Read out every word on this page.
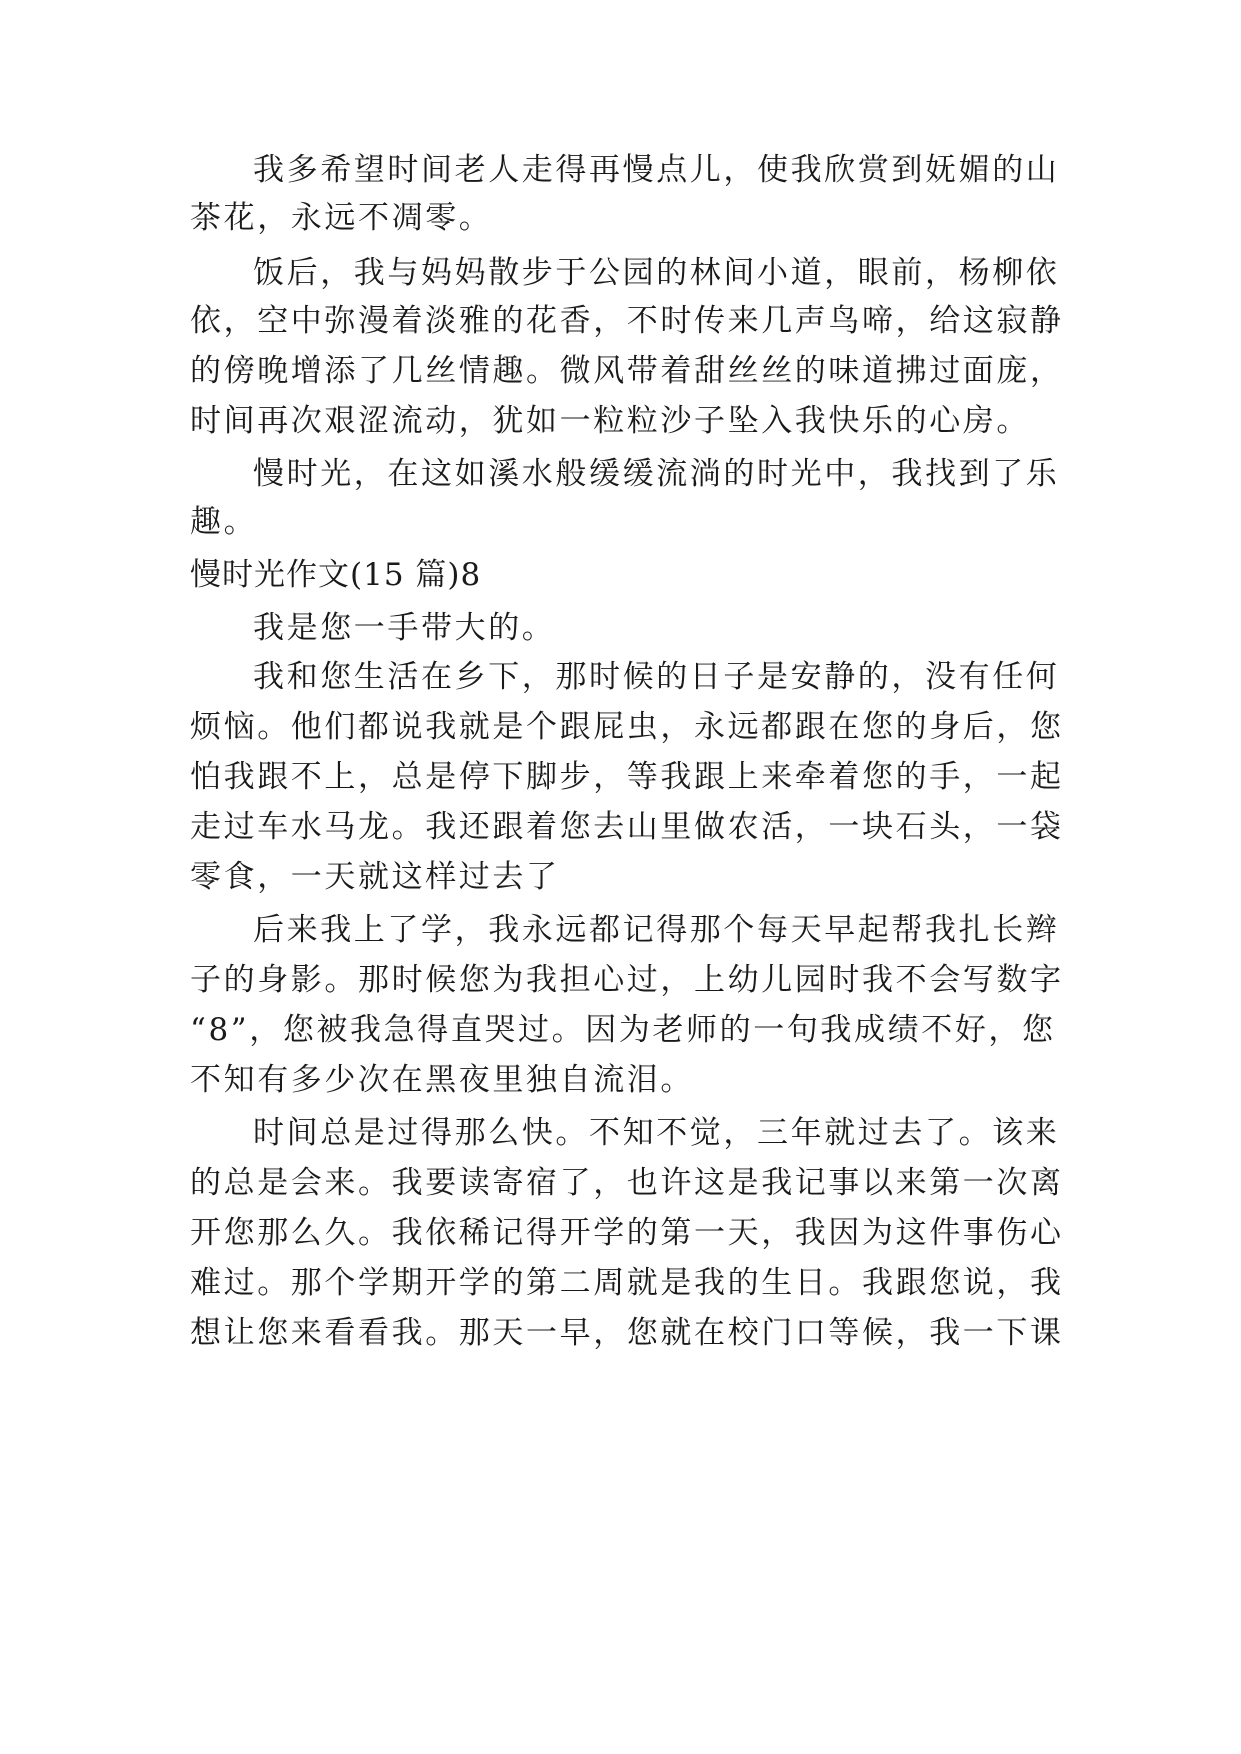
我多希望时间老人走得再慢点儿，使我欣赏到妩媚的山
茶花，永远不凋零。
饭后，我与妈妈散步于公园的林间小道，眼前，杨柳依
依，空中弥漫着淡雅的花香，不时传来几声鸟啼，给这寂静
的傍晚增添了几丝情趣。微风带着甜丝丝的味道拂过面庞，
时间再次艰涩流动，犹如一粒粒沙子坠入我快乐的心房。
慢时光，在这如溪水般缓缓流淌的时光中，我找到了乐
趣。
慢时光作文(15 篇)8
我是您一手带大的。
我和您生活在乡下，那时候的日子是安静的，没有任何
烦恼。他们都说我就是个跟屁虫，永远都跟在您的身后，您
怕我跟不上，总是停下脚步，等我跟上来牵着您的手，一起
走过车水马龙。我还跟着您去山里做农活，一块石头，一袋
零食，一天就这样过去了
后来我上了学，我永远都记得那个每天早起帮我扎长辫
子的身影。那时候您为我担心过，上幼儿园时我不会写数字
“8”，您被我急得直哭过。因为老师的一句我成绩不好，您
不知有多少次在黑夜里独自流泪。
时间总是过得那么快。不知不觉，三年就过去了。该来
的总是会来。我要读寄宿了，也许这是我记事以来第一次离
开您那么久。我依稀记得开学的第一天，我因为这件事伤心
难过。那个学期开学的第二周就是我的生日。我跟您说，我
想让您来看看我。那天一早，您就在校门口等候，我一下课
